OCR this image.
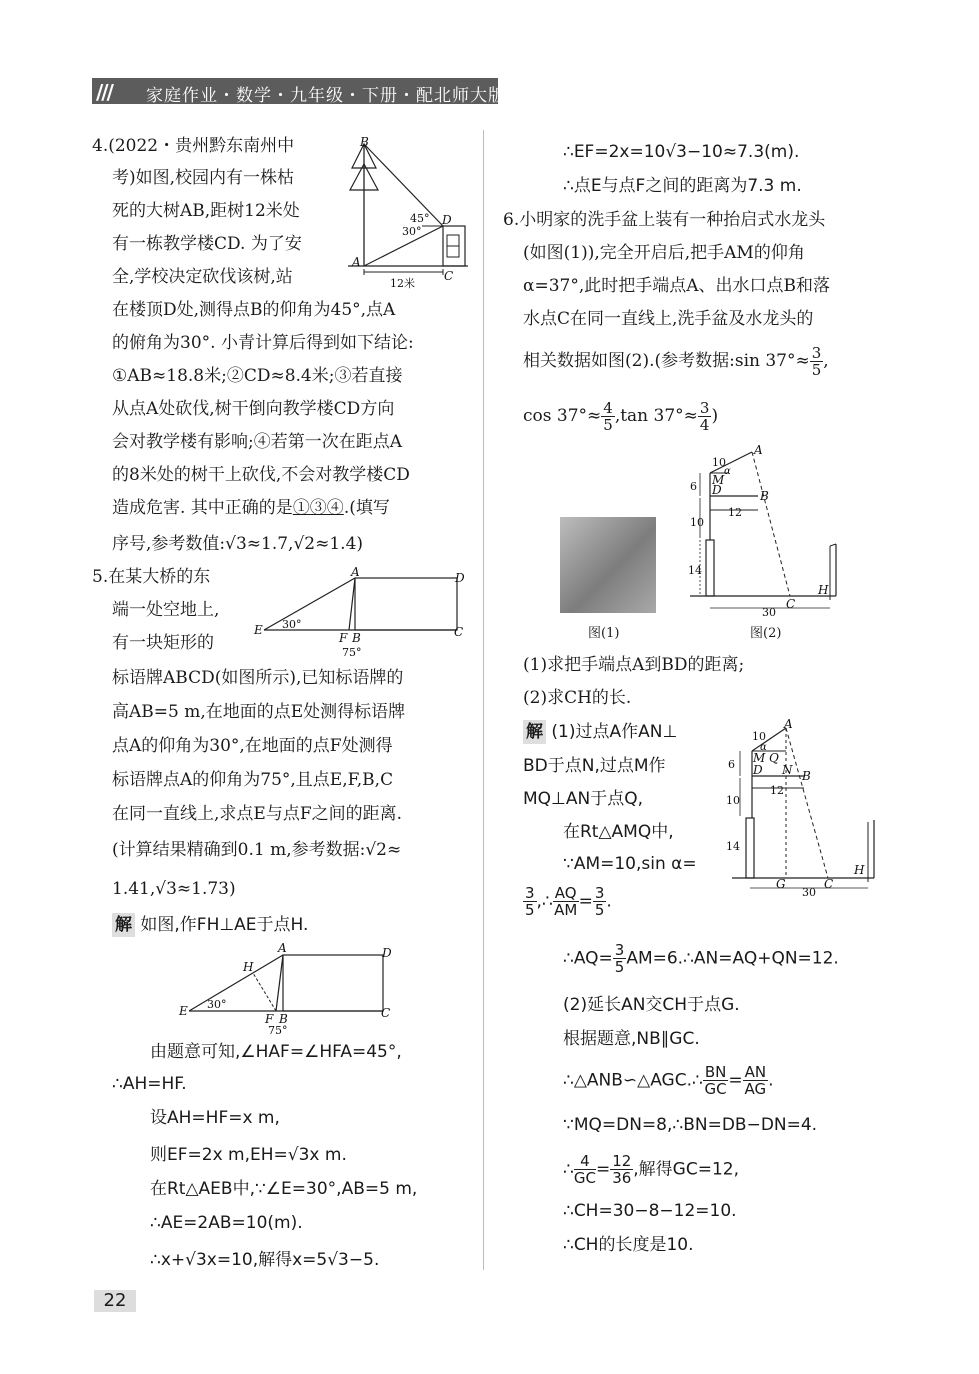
/// 家庭作业・数学・九年级・下册・配北师大版
4.(2022・贵州黔东南州中
考)如图,校园内有一株枯
死的大树AB,距树12米处
有一栋教学楼CD. 为了安
全,学校决定砍伐该树,站
在楼顶D处,测得点B的仰角为45°,点A
的俯角为30°. 小青计算后得到如下结论:
①AB≈18.8米;②CD≈8.4米;③若直接
从点A处砍伐,树干倒向教学楼CD方向
会对教学楼有影响;④若第一次在距点A
的8米处的树干上砍伐,不会对教学楼CD
造成危害. 其中正确的是①③④.(填写
序号,参考数值:√3≈1.7,√2≈1.4)
B
D
A
C
45°
30°
12米
5.在某大桥的东
端一处空地上,
有一块矩形的
标语牌ABCD(如图所示),已知标语牌的
高AB=5 m,在地面的点E处测得标语牌
点A的仰角为30°,在地面的点F处测得
标语牌点A的仰角为75°,且点E,F,B,C
在同一直线上,求点E与点F之间的距离.
(计算结果精确到0.1 m,参考数据:√2≈
1.41,√3≈1.73)
A	D
E
F B	C
30°
75°
解 如图,作FH⊥AE于点H.
A	D
H
E
F B	C
30°
75°
由题意可知,∠HAF=∠HFA=45°,
∴AH=HF.
设AH=HF=x m,
则EF=2x m,EH=√3x m.
在Rt△AEB中,∵∠E=30°,AB=5 m,
∴AE=2AB=10(m).
∴x+√3x=10,解得x=5√3−5.
∴EF=2x=10√3−10≈7.3(m).
∴点E与点F之间的距离为7.3 m.
6.小明家的洗手盆上装有一种抬启式水龙头
(如图(1)),完全开启后,把手AM的仰角
α=37°,此时把手端点A、出水口点B和落
水点C在同一直线上,洗手盆及水龙头的
相关数据如图(2).(参考数据:sin $37^\circ\approx \frac{3}{5}$ ,
$\cos 37^\circ\approx \frac{4}{5} ,\tan$ $37^\circ\approx \frac{3}{4}$ )
图(1)
A
M
D	B
C
H
α
10
6
12
10
14
30
图(2)
(1)求把手端点A到BD的距离;
(2)求CH的长.
解 (1)过点A作AN⊥
BD于点N,过点M作
MQ⊥AN于点Q,
在Rt△AMQ中,
∵AM=10,sin α=
$\frac{3}{5}$ ,∴ $\frac{AQ}{AM} = \frac{3}{5}$ .
A
M Q
D N B
G	C
H
α
10
6
12
10
14
30
∴AQ= $\frac{3}{5}$ AM=6.∴AN=AQ+QN=12.
(2)延长AN交CH于点G.
根据题意,NB∥GC.
∴△ANB∽△AGC.∴ $\frac{BN}{GC} = \frac{AN}{AG}$ .
∵MQ=DN=8,∴BN=DB−DN=4.
∴ $\frac{4}{GC} = \frac{12}{36}$ ,解得GC=12,
∴CH=30−8−12=10.
∴CH的长度是10.
22
